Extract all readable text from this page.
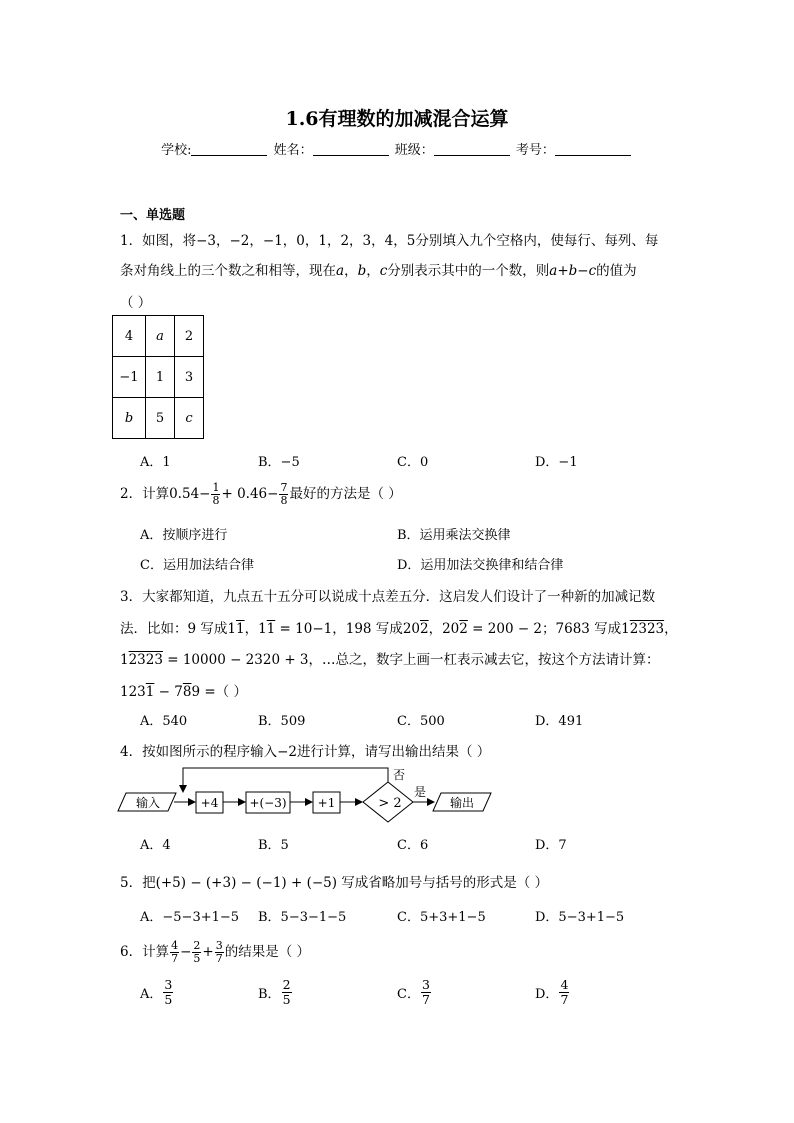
1.6有理数的加减混合运算
学校:	姓名：	班级：	考号：
一、单选题
1．如图，将−3，−2，−1，0，1，2，3，4，5分别填入九个空格内，使每行、每列、每
条对角线上的三个数之和相等，现在a，b，c分别表示其中的一个数，则a+b−c的值为
（ ）
4	a	2
−1	1	3
b	5	c
A．1	B．−5	C．0	D．−1
2．计算$0.54- \frac{1}{8} + 0.46- \frac{7}{8}$ 最好的方法是（ ）
A．按顺序进行	B．运用乘法交换律
C．运用加法结合律	D．运用加法交换律和结合律
3．大家都知道，九点五十五分可以说成十点差五分．这启发人们设计了一种新的加减记数
法．比如：9 写成11，11 = 10−1，198 写成202，202 = 200 − 2；7683 写成12323，
12323 = 10000 − 2320 + 3，…总之，数字上画一杠表示减去它，按这个方法请计算：
1231 − 789 =（ ）
A．540	B．509	C．500	D．491
4．按如图所示的程序输入−2进行计算，请写出输出结果（ ）
输入	+4	+(−3)	+1	> 2
否
是
输出
A．4	B．5	C．6	D．7
5．把(+5) − (+3) − (−1) + (−5) 写成省略加号与括号的形式是（ ）
A．−5−3+1−5 B．5−3−1−5	C．5+3+1−5	D．5−3+1−5
6．计算 $\frac{4}{7} - \frac{2}{5} + \frac{3}{7}$ 的结果是（ ）
A． $\frac{3}{5}$	B． $\frac{2}{5}$	C． $\frac{3}{7}$	D． $\frac{4}{7}$
